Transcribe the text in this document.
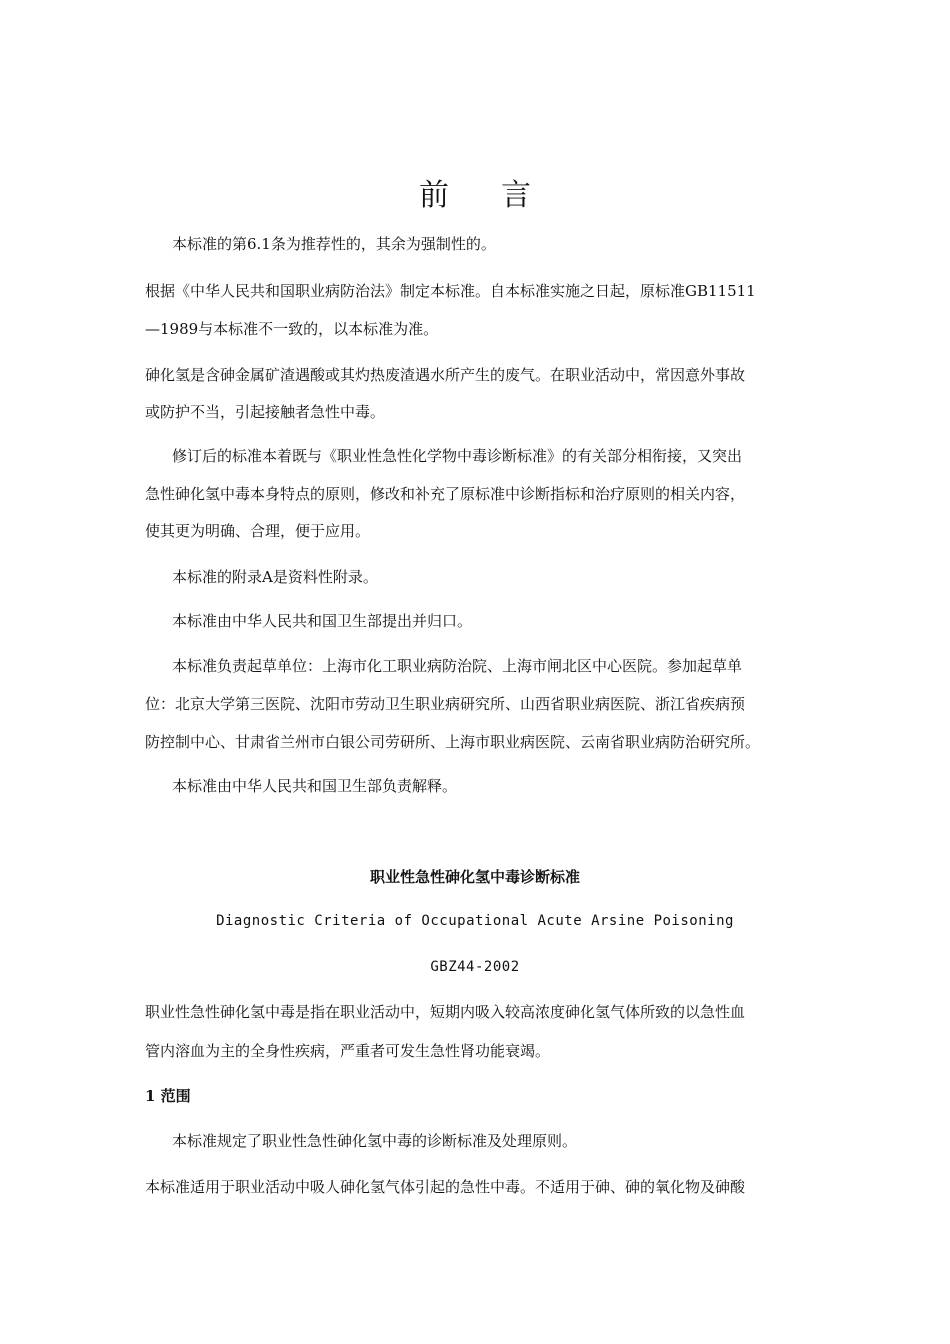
前言
本标准的第6.1条为推荐性的，其余为强制性的。
根据《中华人民共和国职业病防治法》制定本标准。自本标准实施之日起，原标准GB11511
—1989与本标准不一致的，以本标准为准。
砷化氢是含砷金属矿渣遇酸或其灼热废渣遇水所产生的废气。在职业活动中，常因意外事故
或防护不当，引起接触者急性中毒。
修订后的标准本着既与《职业性急性化学物中毒诊断标准》的有关部分相衔接，又突出
急性砷化氢中毒本身特点的原则，修改和补充了原标准中诊断指标和治疗原则的相关内容，
使其更为明确、合理，便于应用。
本标准的附录A是资料性附录。
本标准由中华人民共和国卫生部提出并归口。
本标准负责起草单位：上海市化工职业病防治院、上海市闸北区中心医院。参加起草单
位：北京大学第三医院、沈阳市劳动卫生职业病研究所、山西省职业病医院、浙江省疾病预
防控制中心、甘肃省兰州市白银公司劳研所、上海市职业病医院、云南省职业病防治研究所。
本标准由中华人民共和国卫生部负责解释。
职业性急性砷化氢中毒诊断标准
Diagnostic Criteria of Occupational Acute Arsine Poisoning
GBZ44-2002
职业性急性砷化氢中毒是指在职业活动中，短期内吸入较高浓度砷化氢气体所致的以急性血
管内溶血为主的全身性疾病，严重者可发生急性肾功能衰竭。
1 范围
本标准规定了职业性急性砷化氢中毒的诊断标准及处理原则。
本标准适用于职业活动中吸人砷化氢气体引起的急性中毒。不适用于砷、砷的氧化物及砷酸
